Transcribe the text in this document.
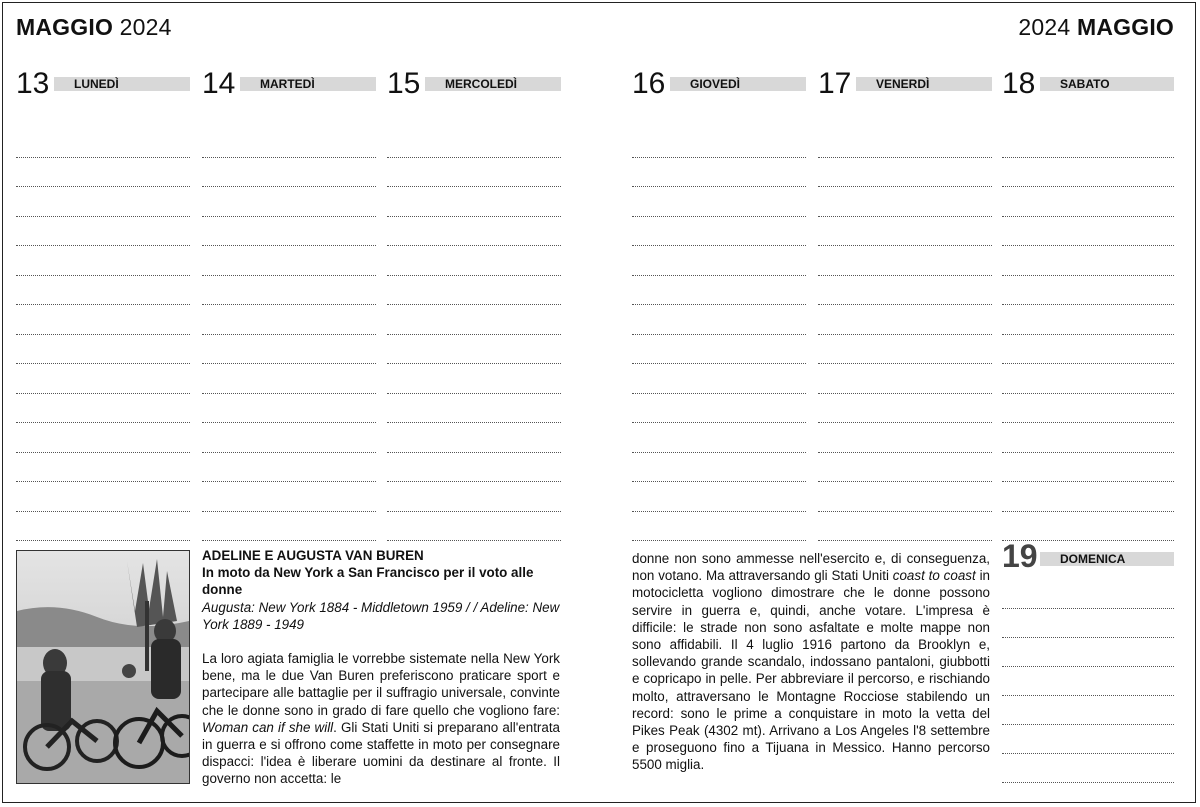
MAGGIO 2024	2024 MAGGIO
13 LUNEDÌ	14 MARTEDÌ 15 MERCOLEDÌ	16 GIOVEDÌ	17 VENERDÌ 18 SABATO
19 DOMENICA
ADELINE E AUGUSTA VAN BUREN
In moto da New York a San Francisco per il voto alle donne
Augusta: New York 1884 - Middletown 1959 / / Adeline: New York 1889 - 1949

La loro agiata famiglia le vorrebbe sistemate nella New York bene, ma le due Van Buren preferiscono praticare sport e partecipare alle battaglie per il suffragio universale, convinte che le donne sono in grado di fare quello che vogliono fare: Woman can if she will. Gli Stati Uniti si preparano all'entrata in guerra e si offrono come staffette in moto per consegnare dispacci: l'idea è liberare uomini da destinare al fronte. Il governo non accetta: le

donne non sono ammesse nell'esercito e, di conseguenza, non votano. Ma attraversando gli Stati Uniti coast to coast in motocicletta vogliono dimostrare che le donne possono servire in guerra e, quindi, anche votare. L'impresa è difficile: le strade non sono asfaltate e molte mappe non sono affidabili. Il 4 luglio 1916 partono da Brooklyn e, sollevando grande scandalo, indossano pantaloni, giubbotti e copricapo in pelle. Per abbreviare il percorso, e rischiando molto, attraversano le Montagne Rocciose stabilendo un record: sono le prime a conquistare in moto la vetta del Pikes Peak (4302 mt). Arrivano a Los Angeles l'8 settembre e proseguono fino a Tijuana in Messico. Hanno percorso 5500 miglia.
